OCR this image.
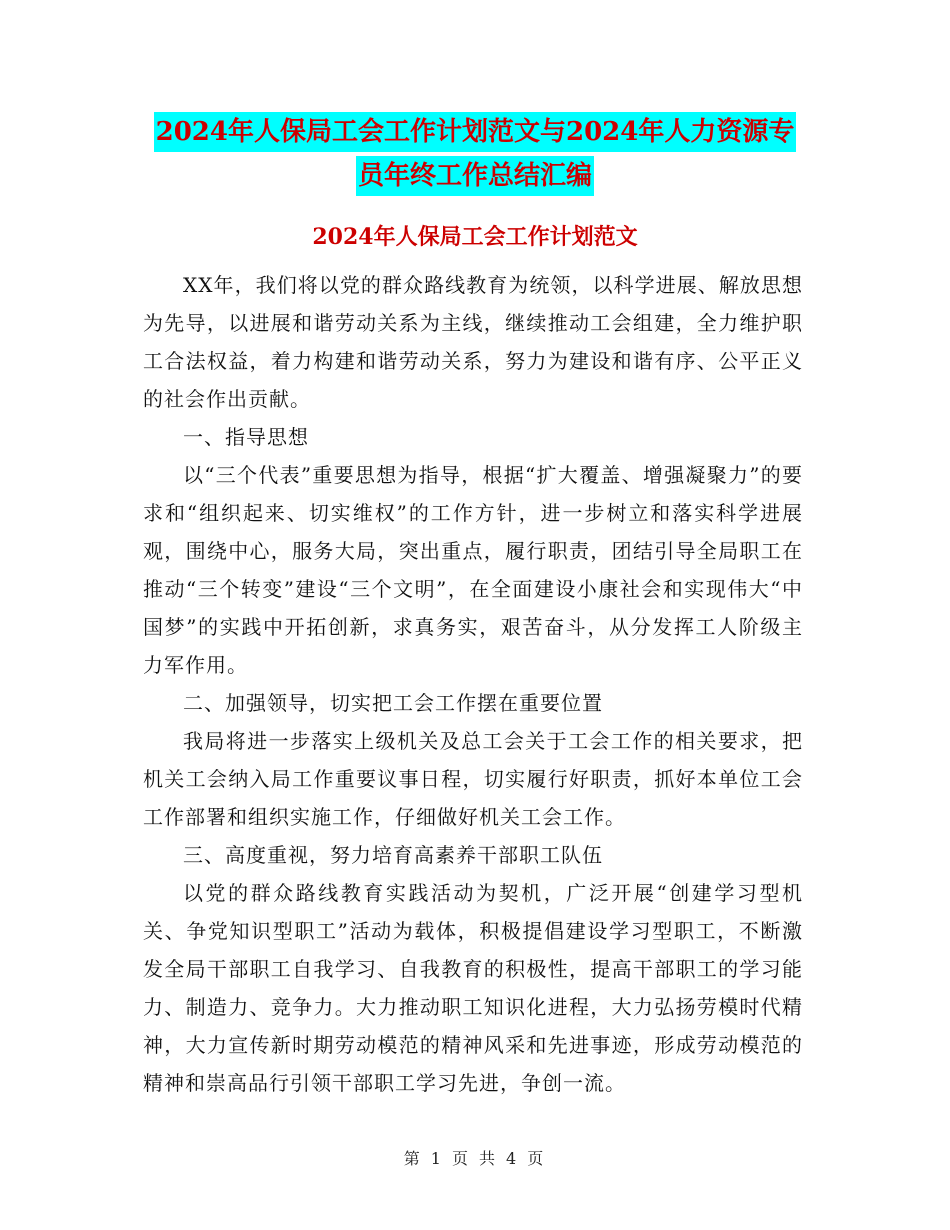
2024年人保局工会工作计划范文与2024年人力资源专
员年终工作总结汇编
2024年人保局工会工作计划范文

XX年，我们将以党的群众路线教育为统领，以科学进展、解放思想为先导，以进展和谐劳动关系为主线，继续推动工会组建，全力维护职工合法权益，着力构建和谐劳动关系，努力为建设和谐有序、公平正义的社会作出贡献。

一、指导思想

以“三个代表”重要思想为指导，根据“扩大覆盖、增强凝聚力”的要求和“组织起来、切实维权”的工作方针，进一步树立和落实科学进展观，围绕中心，服务大局，突出重点，履行职责，团结引导全局职工在推动“三个转变”建设“三个文明”，在全面建设小康社会和实现伟大“中国梦”的实践中开拓创新，求真务实，艰苦奋斗，从分发挥工人阶级主力军作用。

二、加强领导，切实把工会工作摆在重要位置

我局将进一步落实上级机关及总工会关于工会工作的相关要求，把机关工会纳入局工作重要议事日程，切实履行好职责，抓好本单位工会工作部署和组织实施工作，仔细做好机关工会工作。

三、高度重视，努力培育高素养干部职工队伍

以党的群众路线教育实践活动为契机，广泛开展“创建学习型机关、争党知识型职工”活动为载体，积极提倡建设学习型职工，不断激发全局干部职工自我学习、自我教育的积极性，提高干部职工的学习能力、制造力、竞争力。大力推动职工知识化进程，大力弘扬劳模时代精神，大力宣传新时期劳动模范的精神风采和先进事迹，形成劳动模范的精神和崇高品行引领干部职工学习先进，争创一流。

第 1 页 共 4 页
